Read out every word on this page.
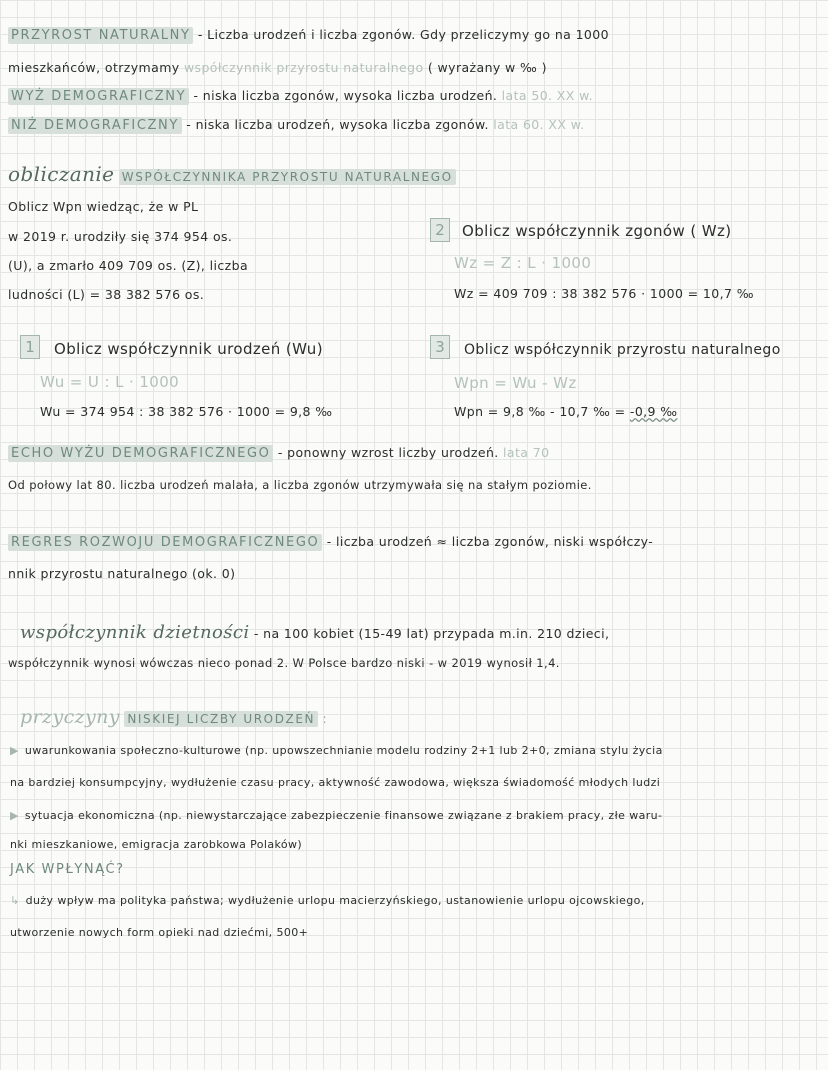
PRZYROST NATURALNY - Liczba urodzeń i liczba zgonów. Gdy przeliczymy go na 1000
mieszkańców, otrzymamy współczynnik przyrostu naturalnego ( wyrażany w ‰ )
WYŻ DEMOGRAFICZNY - niska liczba zgonów, wysoka liczba urodzeń. lata 50. XX w.
NIŻ DEMOGRAFICZNY - niska liczba urodzeń, wysoka liczba zgonów. lata 60. XX w.
obliczanie WSPÓŁCZYNNIKA PRZYROSTU NATURALNEGO
Oblicz Wpn wiedząc, że w PL
w 2019 r. urodziły się 374 954 os.
(U), a zmarło 409 709 os. (Z), liczba
ludności (L) = 38 382 576 os.
2	Oblicz współczynnik zgonów ( Wz)
Wz = Z : L · 1000
Wz = 409 709 : 38 382 576 · 1000 = 10,7 ‰
1	Oblicz współczynnik urodzeń (Wu)
Wu = U : L · 1000
Wu = 374 954 : 38 382 576 · 1000 = 9,8 ‰
3	Oblicz współczynnik przyrostu naturalnego
Wpn = Wu - Wz
Wpn = 9,8 ‰ - 10,7 ‰ = -0,9 ‰
ECHO WYŻU DEMOGRAFICZNEGO - ponowny wzrost liczby urodzeń. lata 70
Od połowy lat 80. liczba urodzeń malała, a liczba zgonów utrzymywała się na stałym poziomie.
REGRES ROZWOJU DEMOGRAFICZNEGO - liczba urodzeń ≈ liczba zgonów, niski współczy-
nnik przyrostu naturalnego (ok. 0)
współczynnik dzietności - na 100 kobiet (15-49 lat) przypada m.in. 210 dzieci,
współczynnik wynosi wówczas nieco ponad 2. W Polsce bardzo niski - w 2019 wynosił 1,4.
przyczyny NISKIEJ LICZBY URODZEŃ :
▶ uwarunkowania społeczno-kulturowe (np. upowszechnianie modelu rodziny 2+1 lub 2+0, zmiana stylu życia
na bardziej konsumpcyjny, wydłużenie czasu pracy, aktywność zawodowa, większa świadomość młodych ludzi
▶ sytuacja ekonomiczna (np. niewystarczające zabezpieczenie finansowe związane z brakiem pracy, złe waru-
nki mieszkaniowe, emigracja zarobkowa Polaków)
JAK WPŁYNĄĆ?
↳ duży wpływ ma polityka państwa; wydłużenie urlopu macierzyńskiego, ustanowienie urlopu ojcowskiego,
utworzenie nowych form opieki nad dziećmi, 500+
